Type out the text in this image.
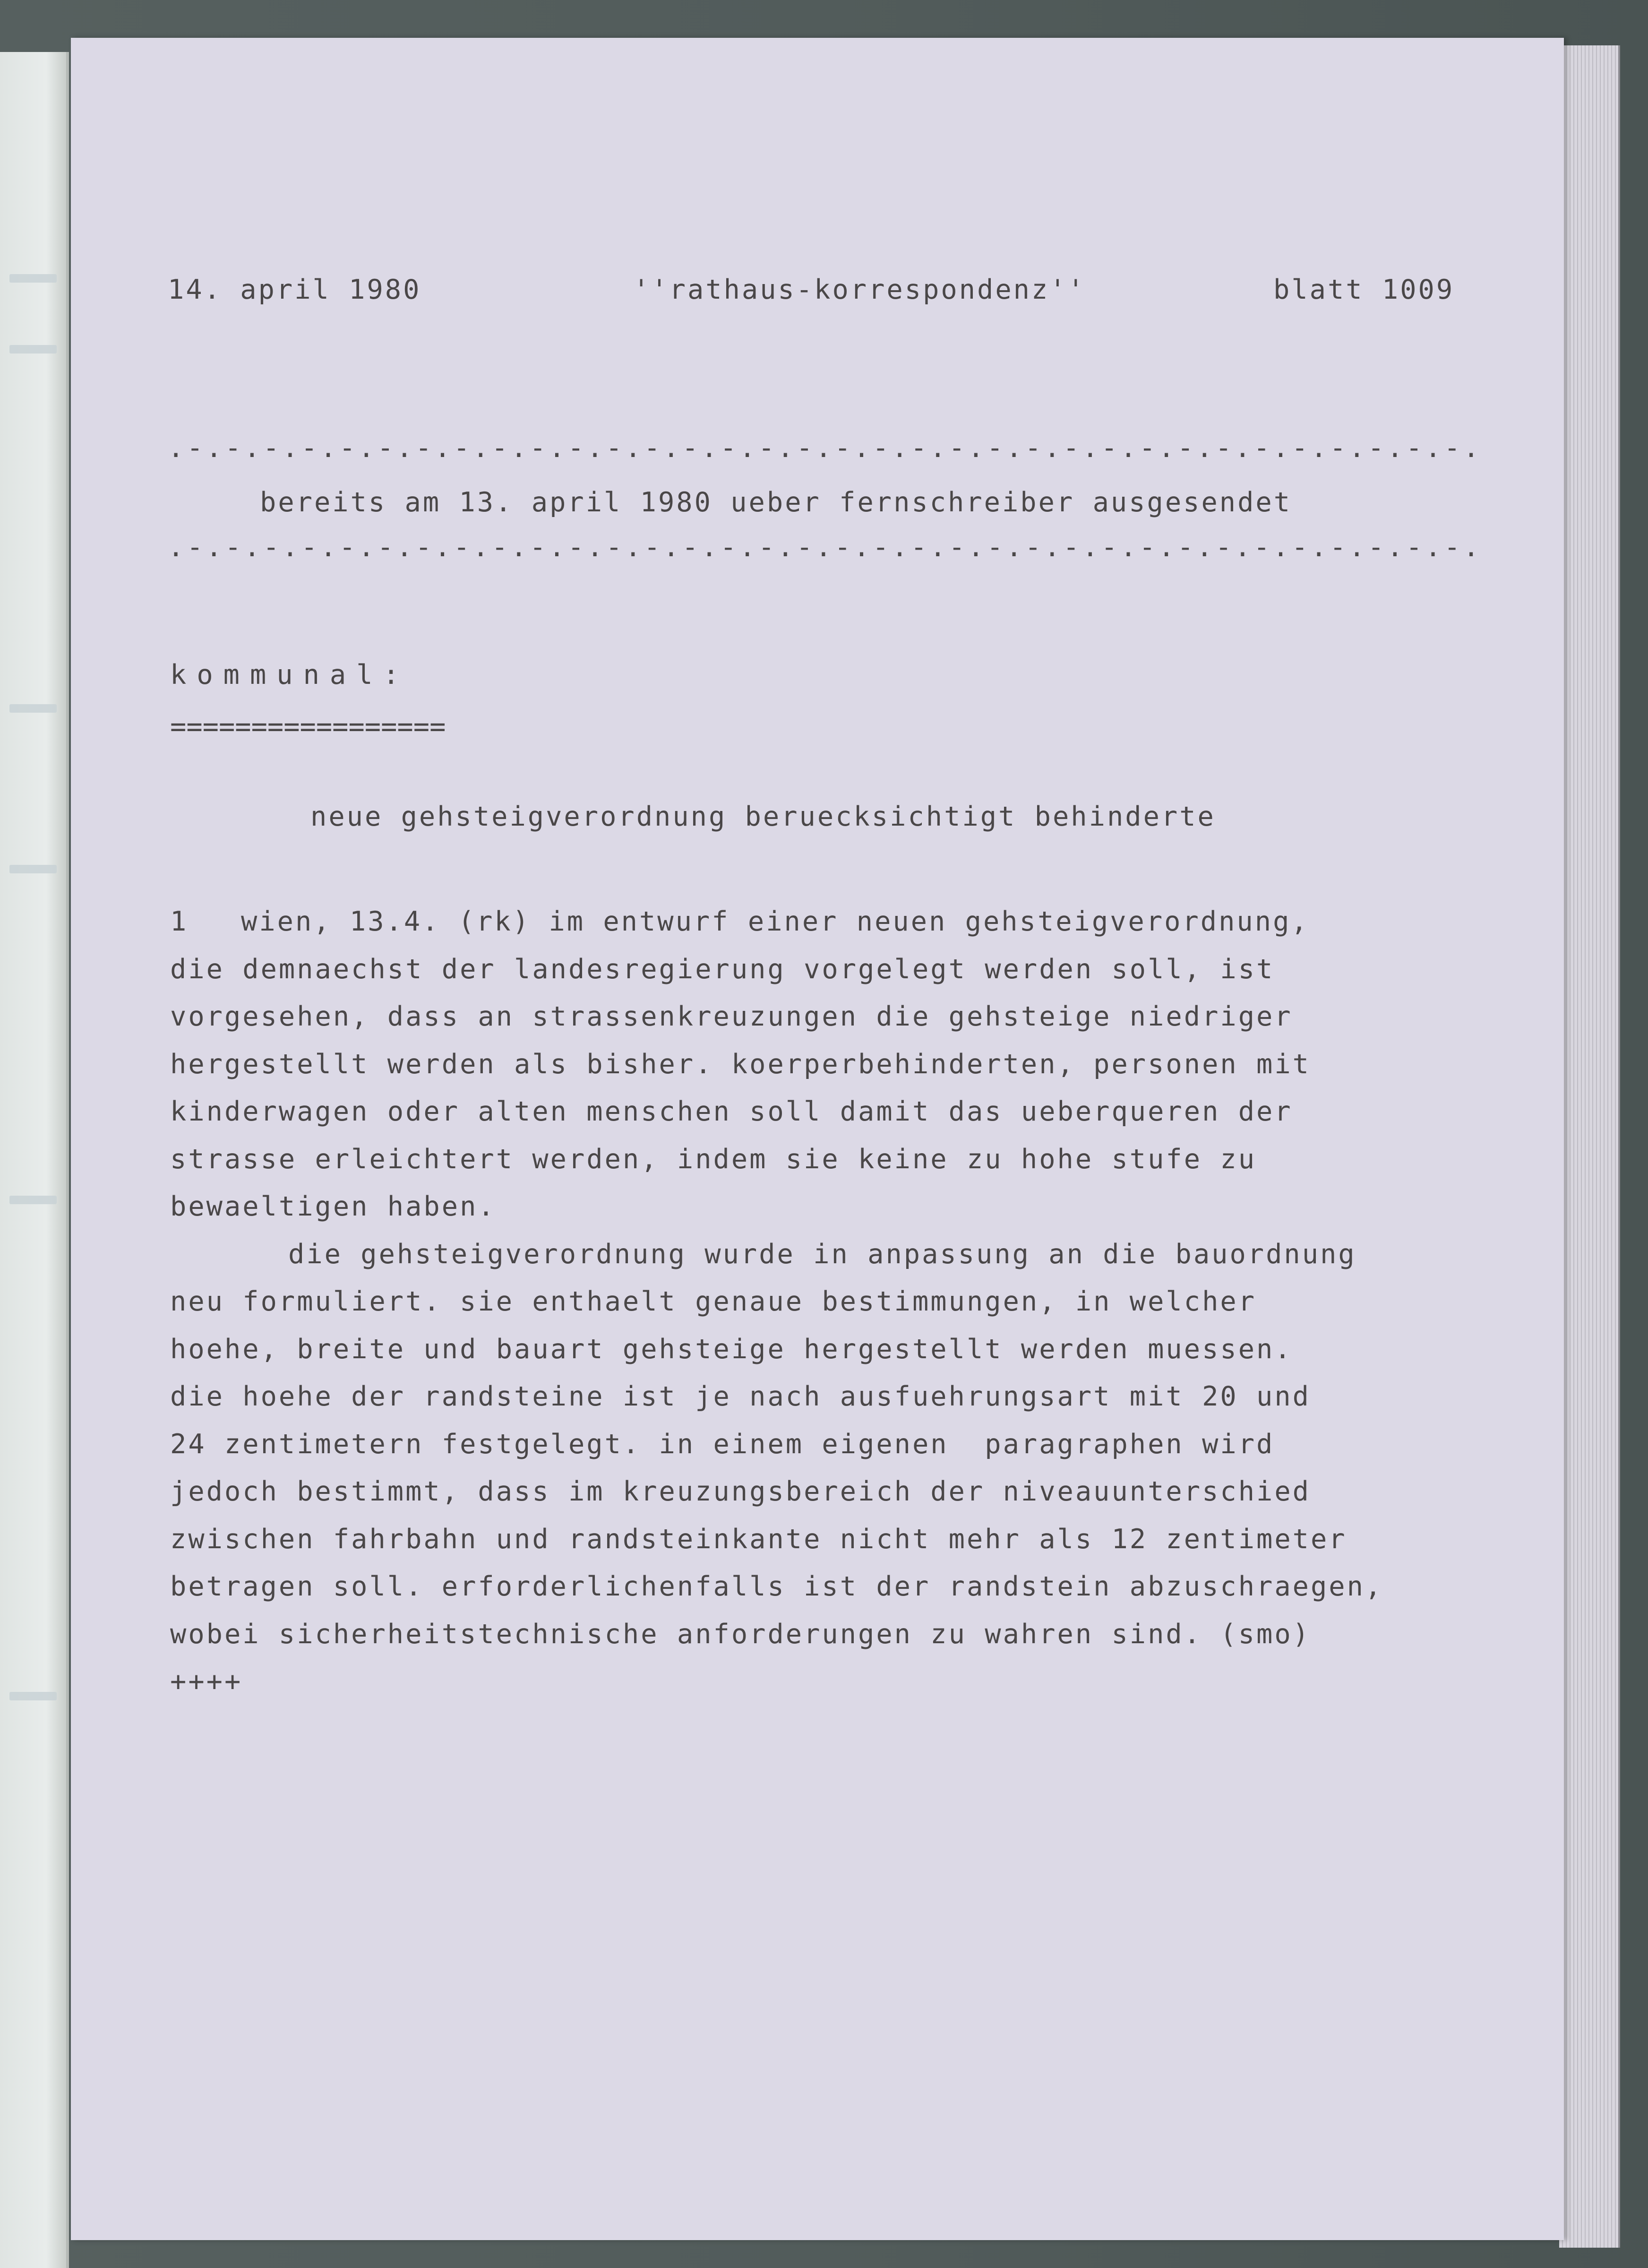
14. april 1980	''rathaus-korrespondenz''	blatt 1009
.-.-.-.-.-.-.-.-.-.-.-.-.-.-.-.-.-.-.-.-.-.-.-.-.-.-.-.-.-.-.-.-.-.-.
bereits am 13. april 1980 ueber fernschreiber ausgesendet
.-.-.-.-.-.-.-.-.-.-.-.-.-.-.-.-.-.-.-.-.-.-.-.-.-.-.-.-.-.-.-.-.-.-.
kommunal:
=================
neue gehsteigverordnung beruecksichtigt behinderte
1 wien, 13.4. (rk) im entwurf einer neuen gehsteigverordnung,
die demnaechst der landesregierung vorgelegt werden soll, ist
vorgesehen, dass an strassenkreuzungen die gehsteige niedriger
hergestellt werden als bisher. koerperbehinderten, personen mit
kinderwagen oder alten menschen soll damit das ueberqueren der
strasse erleichtert werden, indem sie keine zu hohe stufe zu
bewaeltigen haben.
die gehsteigverordnung wurde in anpassung an die bauordnung
neu formuliert. sie enthaelt genaue bestimmungen, in welcher
hoehe, breite und bauart gehsteige hergestellt werden muessen.
die hoehe der randsteine ist je nach ausfuehrungsart mit 20 und
24 zentimetern festgelegt. in einem eigenen  paragraphen wird
jedoch bestimmt, dass im kreuzungsbereich der niveauunterschied
zwischen fahrbahn und randsteinkante nicht mehr als 12 zentimeter
betragen soll. erforderlichenfalls ist der randstein abzuschraegen,
wobei sicherheitstechnische anforderungen zu wahren sind. (smo)
++++
